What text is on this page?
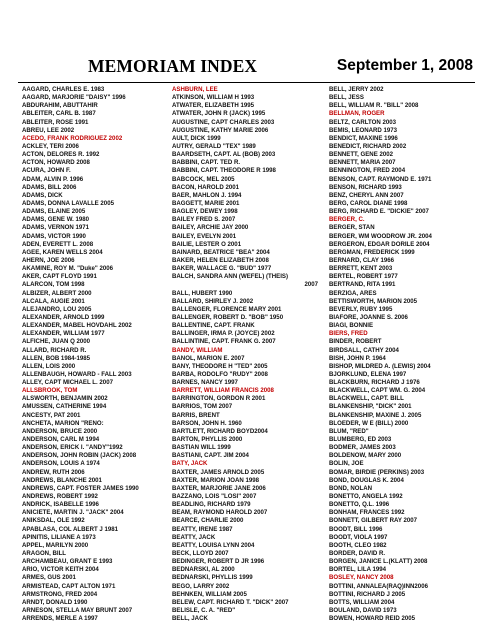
MEMORIAM INDEX	September 1, 2008
AAGARD, CHARLES E. 1983
AAGARD, MARJORIE "DAISY" 1996
ABDURAHIM, ABUTTAHIR
ABLEITER, CARL B. 1987
ABLEITER, ROSE 1991
ABREU, LEE 2002
ACEDO, FRANK RODRIGUEZ 2002
ACKLEY, TERI 2006
ACTON, DELORES R. 1992
ACTON, HOWARD 2008
ACURA, JOHN F.
ADAM, ALVIN P. 1996
ADAMS, BILL 2006
ADAMS, DICK
ADAMS, DONNA LAVALLE 2005
ADAMS, ELAINE 2005
ADAMS, GENE W. 1980
ADAMS, VERNON 1971
ADAMS, VICTOR 1990
ADEN, EVERETT L. 2008
AGEE, KAREN WELLS 2004
AHERN, JOE 2006
AKAMINE, ROY M. "Duke" 2006
AKER, CAPT FLOYD 1991
ALARCON, TOM 1998
ALBIZER, ALBERT 2000
ALCALA, AUGIE 2001
ALEJANDRO, LOU 2005
ALEXANDER, ARNOLD 1999
ALEXANDER, MABEL HOVDAHL 2002
ALEXANDER, WILLIAM 1977
ALFICHE, JUAN Q 2000
ALLARD, RICHARD R.
ALLEN, BOB 1984-1985
ALLEN, LOIS 2000
ALLENBAUGH, HOWARD - FALL 2003
ALLEY, CAPT MICHAEL L. 2007
ALLSBROOK, TOM
ALSWORTH, BENJAMIN 2002
AMUSSEN, CATHERINE 1994
ANCESTY, PAT 2001
ANCHETA, MARION "RENO:
ANDERSON, BRUCE 2000
ANDERSON, CARL M 1994
ANDERSON, ERICK I. "ANDY"1992
ANDERSON, JOHN ROBIN (JACK) 2008
ANDERSON, LOUIS A 1974
ANDREW, RUTH 2006
ANDREWS, BLANCHE 2001
ANDREWS, CAPT. FOSTER JAMES 1990
ANDREWS, ROBERT 1992
ANDRICK, ISABELLE 1996
ANICIETE, MARTIN J. "JACK" 2004
ANIKSDAL, OLE 1992
APABLASA, COL ALBERT J 1981
APINITIS, LILIANE A 1973
APPEL, MARILYN 2000
ARAGON, BILL
ARCHAMBEAU, GRANT E 1993
ARIO, VICTOR KEITH 2004
ARMES, GUS 2001
ARMISTEAD, CAPT ALTON 1971
ARMSTRONG, FRED 2004
ARNDT, DONALD 1990
ARNESON, STELLA MAY BRUNT 2007
ARRENDS, MERLE A 1997
ASHBURN, LEE
ATKINSON, WILLIAM H 1993
ATWATER, ELIZABETH 1995
ATWATER, JOHN R (JACK) 1995
AUGUSTINE, CAPT CHARLES 2003
AUGUSTINE, KATHY MARIE 2006
AULT, DICK 1999
AUTRY, GERALD "TEX" 1989
BAARDSETH, CAPT. AL (BOB) 2003
BABBINI, CAPT. TED R.
BABBINI, CAPT. THEODORE R 1998
BABCOCK, MEL 2005
BACON, HAROLD 2001
BAER, MAHLON J. 1994
BAGGETT, MARIE 2001
BAGLEY, DEWEY 1998
BAILEY FRED S. 2007
BAILEY, ARCHIE JAY 2000
BAILEY, EVELYN 2001
BAILIE, LESTER O 2001
BAINARD, BEATRICE "BEA" 2004
BAKER, HELEN ELIZABETH 2008
BAKER, WALLACE G. "BUD" 1977
BALCH, SANDRA ANN (WEFEL) (THEIS)
2007
BALL, HUBERT 1990
BALLARD, SHIRLEY J. 2002
BALLENGER, FLORENCE MARY 2001
BALLENGER, ROBERT D. "BOB" 1950
BALLENTINE, CAPT. FRANK
BALLINGER, IRMA P. (JOYCE) 2002
BALLINTINE, CAPT. FRANK G. 2007
BANDY, WILLIAM
BANOL, MARION E. 2007
BANY, THEODORE H "TED" 2005
BARBA, RODOLFO "RUDY" 2008
BARNES, NANCY 1997
BARRETT, WILLIAM FRANCIS 2008
BARRINGTON, GORDON R 2001
BARRIOS, TOM 2007
BARRIS, BRENT
BARSON, JOHN H. 1960
BARTLETT, RICHARD BOYD2004
BARTON, PHYLLIS 2000
BASTIAN WILL 1999
BASTIANI, CAPT. JIM 2004
BATY, JACK
BAXTER, JAMES ARNOLD 2005
BAXTER, MARION JOAN 1998
BAXTER, MARJORIE JANE 2006
BAZZANO, LOIS "LOSI" 2007
BEADLING, RICHARD 1979
BEAM, RAYMOND HAROLD 2007
BEARCE, CHARLIE 2000
BEATTY, IRENE 1987
BEATTY, JACK
BEATTY, LOUISA LYNN 2004
BECK, LLOYD 2007
BEDINGER, ROBERT D JR 1996
BEDNARSKI, AL 2000
BEDNARSKI, PHYLLIS 1999
BEGO, LARRY 2002
BEHNKEN, WILLIAM 2005
BELEW, CAPT. RICHARD T. "DICK" 2007
BELISLE, C. A. "RED"
BELL, JACK
BELL, JERRY 2002
BELL, JESS
BELL, WILLIAM R. "BILL" 2008
BELLMAN, ROGER
BELTZ, CARLTON 2003
BEMIS, LEONARD 1973
BENDICT, MAXINE 1996
BENEDICT, RICHARD 2002
BENNETT, GENE 2002
BENNETT, MARIA 2007
BENNINGTON, FRED 2004
BENSON, CAPT. RAYMOND E. 1971
BENSON, RICHARD 1993
BENZ, CHERYL ANN 2007
BERG, CAROL DIANE 1998
BERG, RICHARD E. "DICKIE" 2007
BERGER, C.
BERGER, STAN
BERGER, WM WOODROW JR. 2004
BERGERON, EDGAR DORILE 2004
BERGMAN, FREDERICK 1999
BERNARD, CLAY 1966
BERRETT, KENT 2003
BERTEL, ROBERT 1977
BERTRAND, RITA 1991
BERZIGA, ARES
BETTISWORTH, MARION 2005
BEVERLY, RUBY 1995
BIAFORE, JOANNE S. 2006
BIAGI, BONNIE
BIERS, FRED
BINDER, ROBERT
BIRDSALL, CATHY 2004
BISH, JOHN P. 1964
BISHOP, MILDRED A. (LEWIS) 2004
BJORKLUND, ELENA 1997
BLACKBURN, RICHARD J 1976
BLACKWELL, CAPT WM. G. 2004
BLACKWELL, CAPT. BILL
BLANKENSHIP, "DICK" 2001
BLANKENSHIP, MAXINE J. 2005
BLOEDER, W E (BILL) 2000
BLUM, "RED"
BLUMBERG, ED 2003
BODMER, JAMES 2003
BOLDENOW, MARY 2000
BOLIN, JOE
BOMAR, BIRDIE (PERKINS) 2003
BOND, DOUGLAS K. 2004
BOND, NOLAN
BONETTO, ANGELA 1992
BONETTO, Q.L. 1996
BONHAM, FRANCES 1992
BONNETT, GILBERT RAY 2007
BOODT, BILL 1996
BOODT, VIOLA 1997
BOOTH, CLEO 1982
BORDER, DAVID R.
BORGEN, JANICE L.(KLATT) 2008
BORTEL, LILA 1994
BOSLEY, NANCY 2008
BOTTINI, ANNALEA(RAQ)INN2006
BOTTINI, RICHARD J 2005
BOTTS, WILLIAM 2004
BOULAND, DAVID 1973
BOWEN, HOWARD REID 2005
